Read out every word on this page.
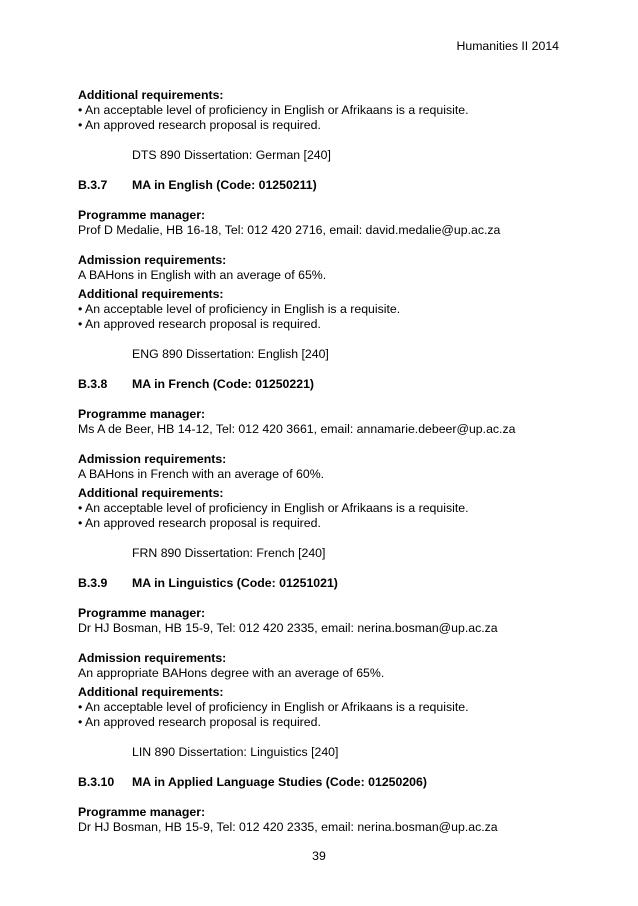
Humanities II 2014
Additional requirements:
• An acceptable level of proficiency in English or Afrikaans is a requisite.
• An approved research proposal is required.
DTS 890 Dissertation: German [240]
B.3.7	MA in English (Code: 01250211)
Programme manager:
Prof D Medalie, HB 16-18, Tel: 012 420 2716, email: david.medalie@up.ac.za
Admission requirements:
A BAHons in English with an average of 65%.
Additional requirements:
• An acceptable level of proficiency in English is a requisite.
• An approved research proposal is required.
ENG 890 Dissertation: English [240]
B.3.8	MA in French (Code: 01250221)
Programme manager:
Ms A de Beer, HB 14-12, Tel: 012 420 3661, email: annamarie.debeer@up.ac.za
Admission requirements:
A BAHons in French with an average of 60%.
Additional requirements:
• An acceptable level of proficiency in English or Afrikaans is a requisite.
• An approved research proposal is required.
FRN 890 Dissertation: French [240]
B.3.9	MA in Linguistics (Code: 01251021)
Programme manager:
Dr HJ Bosman, HB 15-9, Tel: 012 420 2335, email: nerina.bosman@up.ac.za
Admission requirements:
An appropriate BAHons degree with an average of 65%.
Additional requirements:
• An acceptable level of proficiency in English or Afrikaans is a requisite.
• An approved research proposal is required.
LIN 890 Dissertation: Linguistics [240]
B.3.10	MA in Applied Language Studies (Code: 01250206)
Programme manager:
Dr HJ Bosman, HB 15-9, Tel: 012 420 2335, email: nerina.bosman@up.ac.za
39
